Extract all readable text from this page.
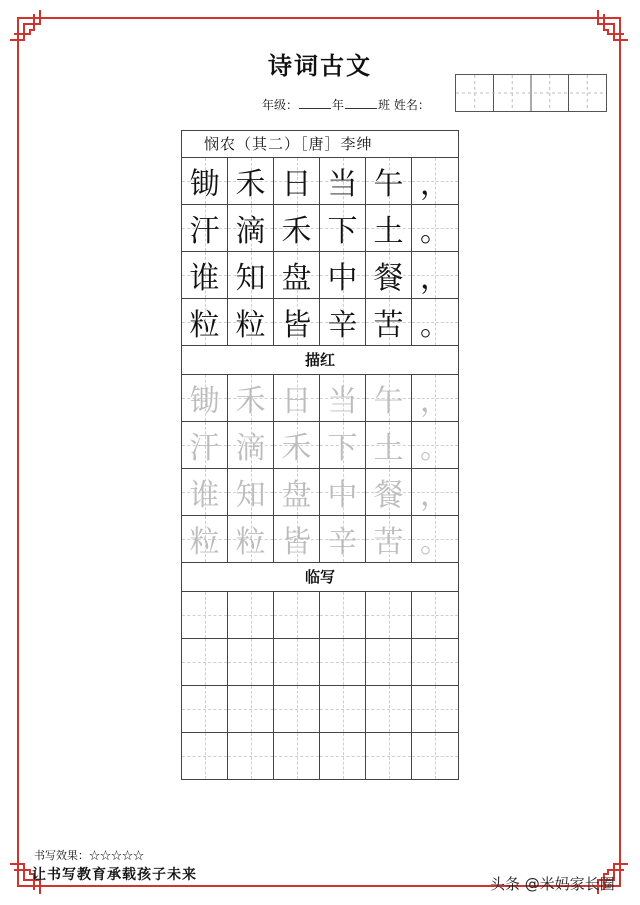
诗词古文
年级：	年	班 姓名：
悯农（其二）［唐］李绅
锄 禾 日 当 午 ，
汗 滴 禾 下 土 。
谁 知 盘 中 餐 ，
粒 粒 皆 辛 苦 。
描红
锄 禾 日 当 午 ，
汗 滴 禾 下 土 。
谁 知 盘 中 餐 ，
粒 粒 皆 辛 苦 。
临写
书写效果：☆☆☆☆☆
让书写教育承载孩子未来	头条 @米妈家长圈
